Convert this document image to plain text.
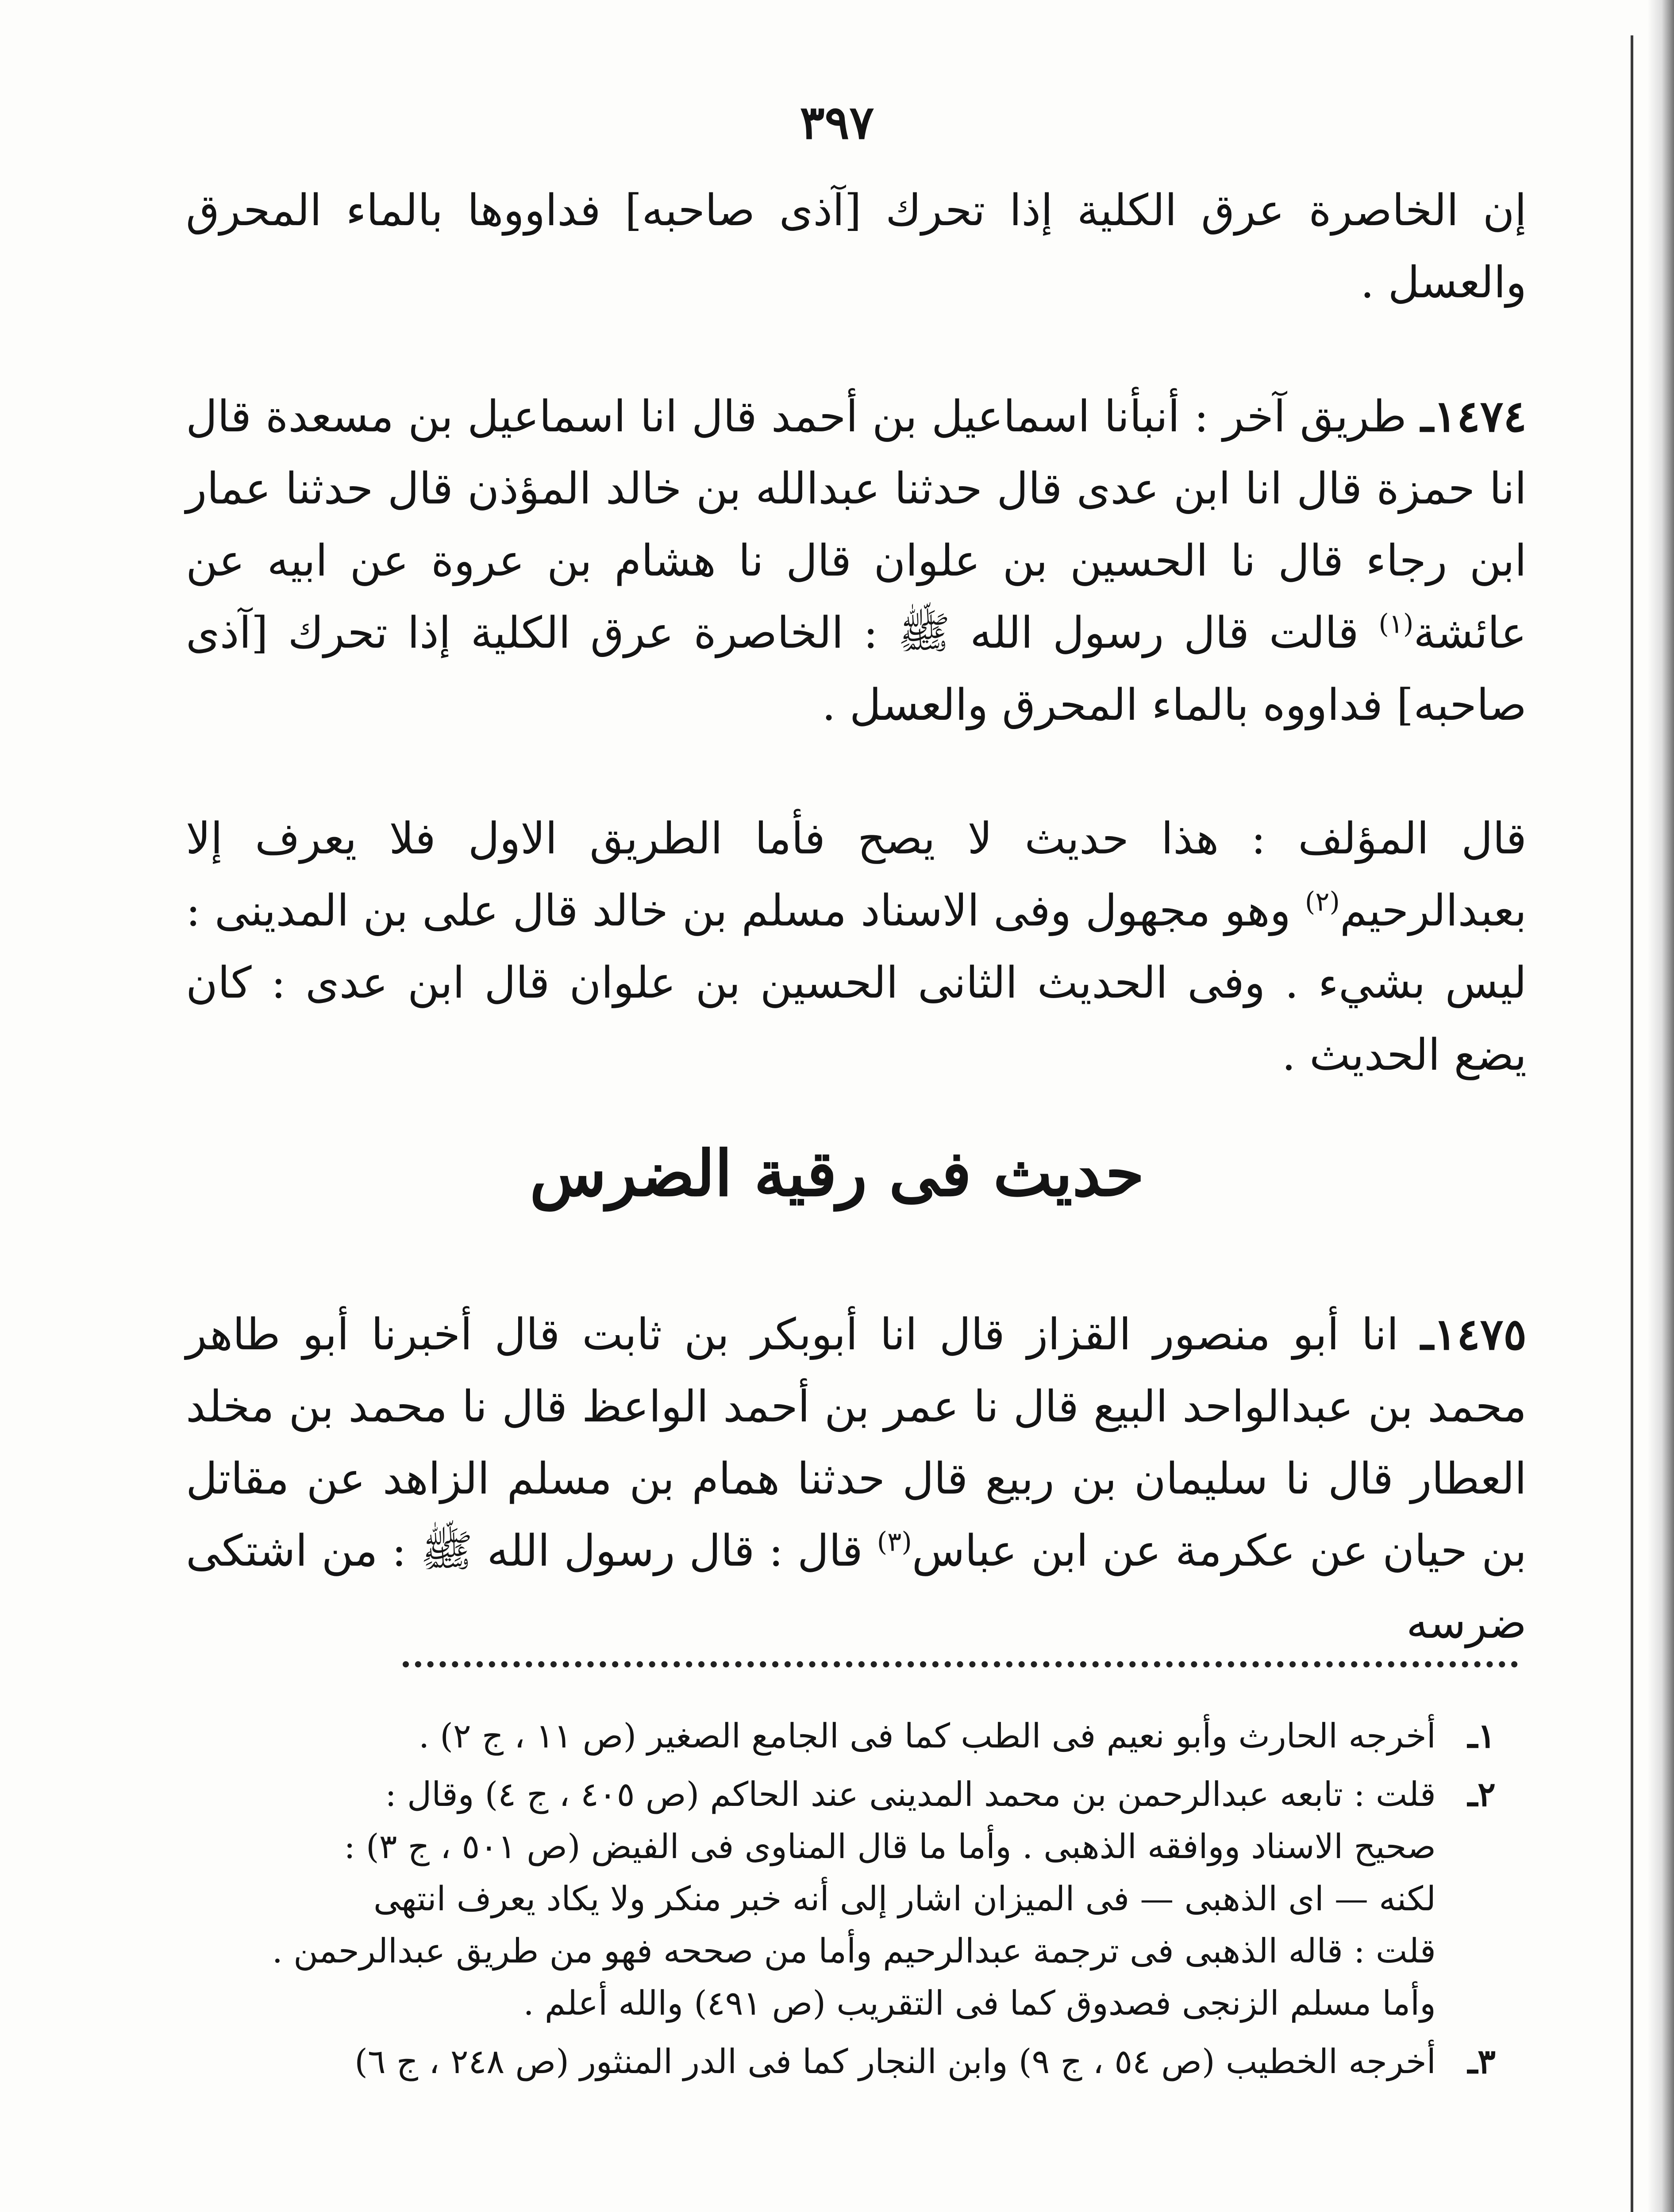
٣٩٧

إن الخاصرة عرق الكلية إذا تحرك [آذى صاحبه] فداووها بالماء المحرق والعسل .

١٤٧٤ـ طريق آخر : أنبأنا اسماعيل بن أحمد قال انا اسماعيل بن مسعدة قال انا حمزة قال انا ابن عدى قال حدثنا عبدالله بن خالد المؤذن قال حدثنا عمار ابن رجاء قال نا الحسين بن علوان قال نا هشام بن عروة عن ابيه عن عائشة$^{(١)}$ قالت قال رسول الله ﷺ : الخاصرة عرق الكلية إذا تحرك [آذى صاحبه] فداووه بالماء المحرق والعسل .

قال المؤلف : هذا حديث لا يصح فأما الطريق الاول فلا يعرف إلا بعبدالرحيم$^{(٢)}$ وهو مجهول وفى الاسناد مسلم بن خالد قال على بن المدينى : ليس بشيء . وفى الحديث الثانى الحسين بن علوان قال ابن عدى : كان يضع الحديث .

حديث فى رقية الضرس

١٤٧٥ـ انا أبو منصور القزاز قال انا أبوبكر بن ثابت قال أخبرنا أبو طاهر محمد بن عبدالواحد البيع قال نا عمر بن أحمد الواعظ قال نا محمد بن مخلد العطار قال نا سليمان بن ربيع قال حدثنا همام بن مسلم الزاهد عن مقاتل بن حيان عن عكرمة عن ابن عباس$^{(٣)}$ قال : قال رسول الله ﷺ : من اشتكى ضرسه

١ـ
أخرجه الحارث وأبو نعيم فى الطب كما فى الجامع الصغير (ص ١١ ، ج ٢) .
٢ـ
قلت : تابعه عبدالرحمن بن محمد المدينى عند الحاكم (ص ٤٠٥ ، ج ٤) وقال :
صحيح الاسناد ووافقه الذهبى . وأما ما قال المناوى فى الفيض (ص ٥٠١ ، ج ٣) :
لكنه — اى الذهبى — فى الميزان اشار إلى أنه خبر منكر ولا يكاد يعرف انتهى
قلت : قاله الذهبى فى ترجمة عبدالرحيم وأما من صححه فهو من طريق عبدالرحمن .
وأما مسلم الزنجى فصدوق كما فى التقريب (ص ٤٩١) والله أعلم .
٣ـ
أخرجه الخطيب (ص ٥٤ ، ج ٩) وابن النجار كما فى الدر المنثور (ص ٢٤٨ ، ج ٦)
